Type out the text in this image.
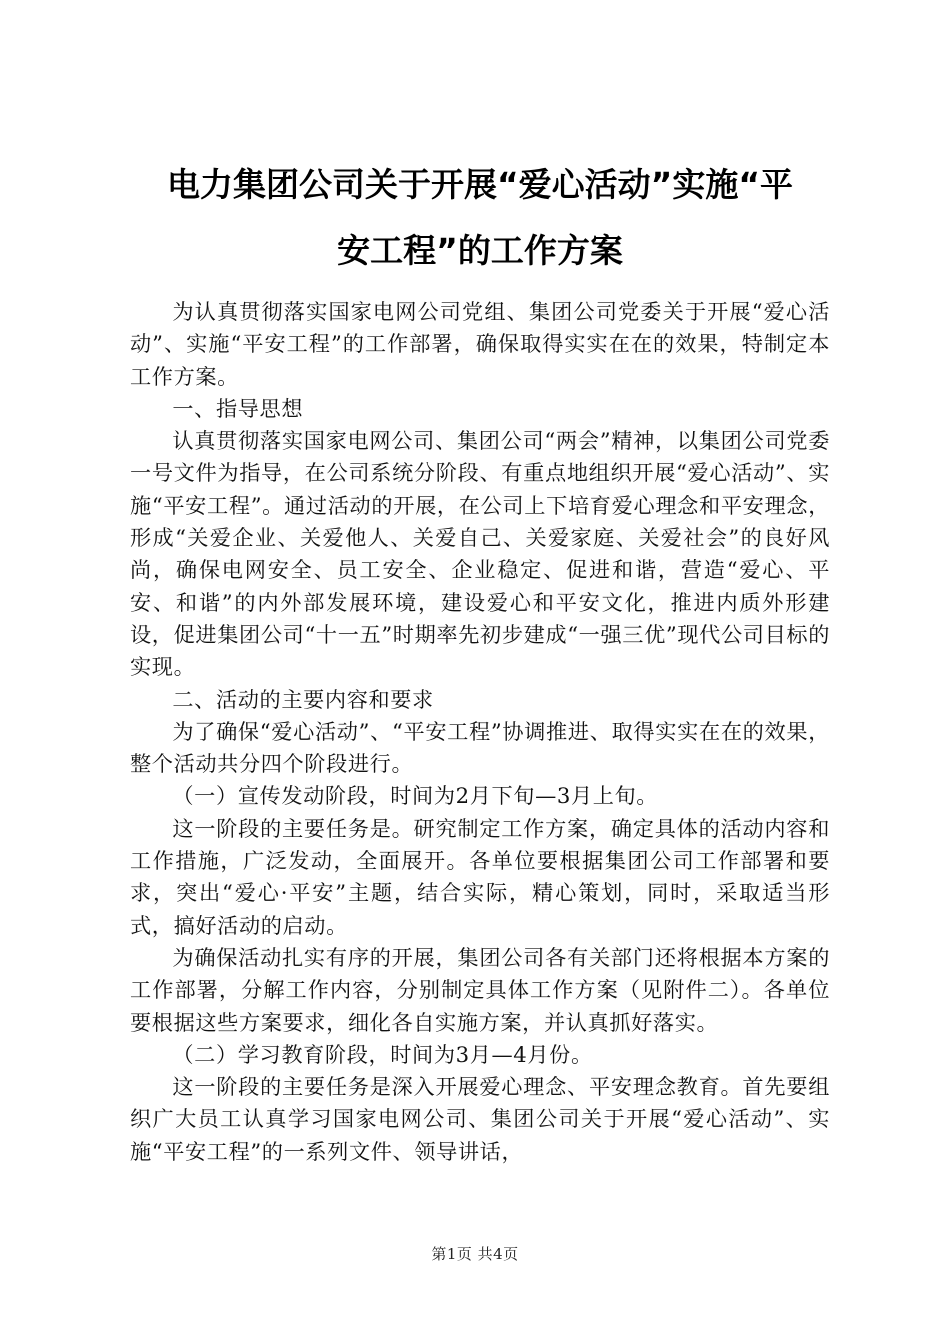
电力集团公司关于开展“爱心活动”实施“平
安工程”的工作方案

为认真贯彻落实国家电网公司党组、集团公司党委关于开展“爱心活动”、实施“平安工程”的工作部署，确保取得实实在在的效果，特制定本工作方案。

一、指导思想

认真贯彻落实国家电网公司、集团公司“两会”精神，以集团公司党委一号文件为指导，在公司系统分阶段、有重点地组织开展“爱心活动”、实施“平安工程”。通过活动的开展，在公司上下培育爱心理念和平安理念，形成“关爱企业、关爱他人、关爱自己、关爱家庭、关爱社会”的良好风尚，确保电网安全、员工安全、企业稳定、促进和谐，营造“爱心、平安、和谐”的内外部发展环境，建设爱心和平安文化，推进内质外形建设，促进集团公司“十一五”时期率先初步建成“一强三优”现代公司目标的实现。

二、活动的主要内容和要求

为了确保“爱心活动”、“平安工程”协调推进、取得实实在在的效果，整个活动共分四个阶段进行。

（一）宣传发动阶段，时间为2月下旬—3月上旬。

这一阶段的主要任务是。研究制定工作方案，确定具体的活动内容和工作措施，广泛发动，全面展开。各单位要根据集团公司工作部署和要求，突出“爱心·平安”主题，结合实际，精心策划，同时，采取适当形式，搞好活动的启动。

为确保活动扎实有序的开展，集团公司各有关部门还将根据本方案的工作部署，分解工作内容，分别制定具体工作方案（见附件二）。各单位要根据这些方案要求，细化各自实施方案，并认真抓好落实。

（二）学习教育阶段，时间为3月—4月份。

这一阶段的主要任务是深入开展爱心理念、平安理念教育。首先要组织广大员工认真学习国家电网公司、集团公司关于开展“爱心活动”、实施“平安工程”的一系列文件、领导讲话，

第1页 共4页
